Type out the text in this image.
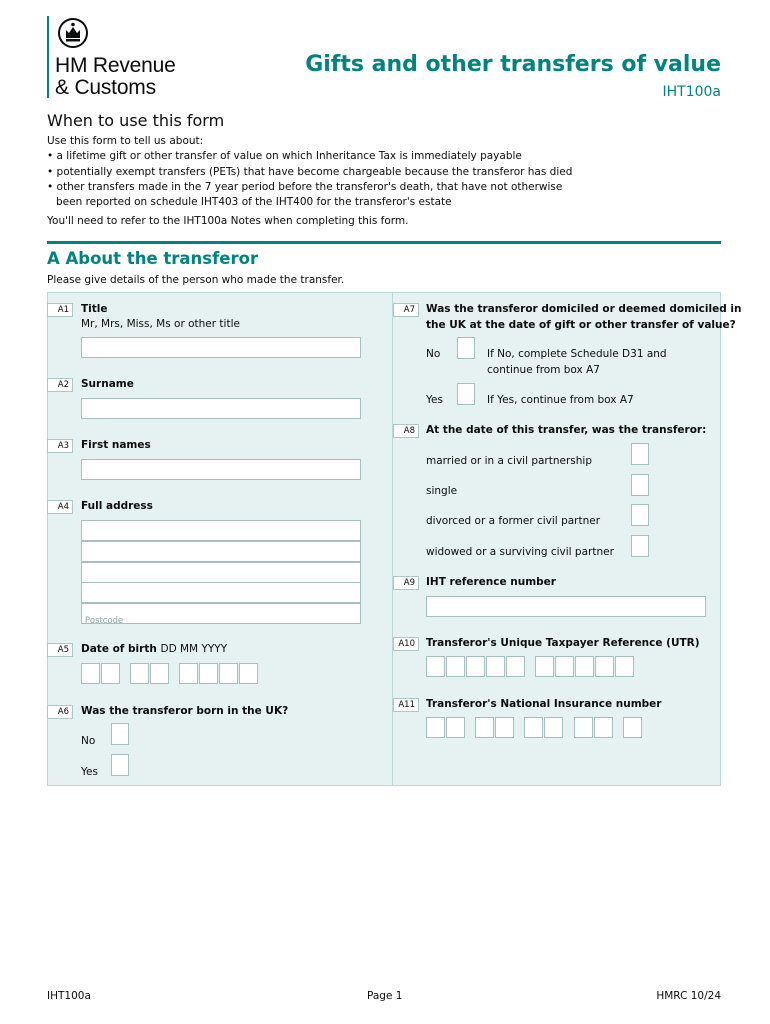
HM Revenue
& Customs
Gifts and other transfers of value
IHT100a
When to use this form
Use this form to tell us about:
• a lifetime gift or other transfer of value on which Inheritance Tax is immediately payable
• potentially exempt transfers (PETs) that have become chargeable because the transferor has died
• other transfers made in the 7 year period before the transferor's death, that have not otherwise
been reported on schedule IHT403 of the IHT400 for the transferor's estate
You'll need to refer to the IHT100a Notes when completing this form.
A About the transferor
Please give details of the person who made the transfer.
A1	Title
Mr, Mrs, Miss, Ms or other title
A2	Surname
A3	First names
A4	Full address
Postcode
A5	Date of birth DD MM YYYY
A6	Was the transferor born in the UK?
No
Yes
A7	Was the transferor domiciled or deemed domiciled in
the UK at the date of gift or other transfer of value?
No	If No, complete Schedule D31 and
continue from box A7
Yes	If Yes, continue from box A7
A8	At the date of this transfer, was the transferor:
married or in a civil partnership
single
divorced or a former civil partner
widowed or a surviving civil partner
A9	IHT reference number
A10	Transferor's Unique Taxpayer Reference (UTR)
A11	Transferor's National Insurance number
IHT100a	Page 1	HMRC 10/24
